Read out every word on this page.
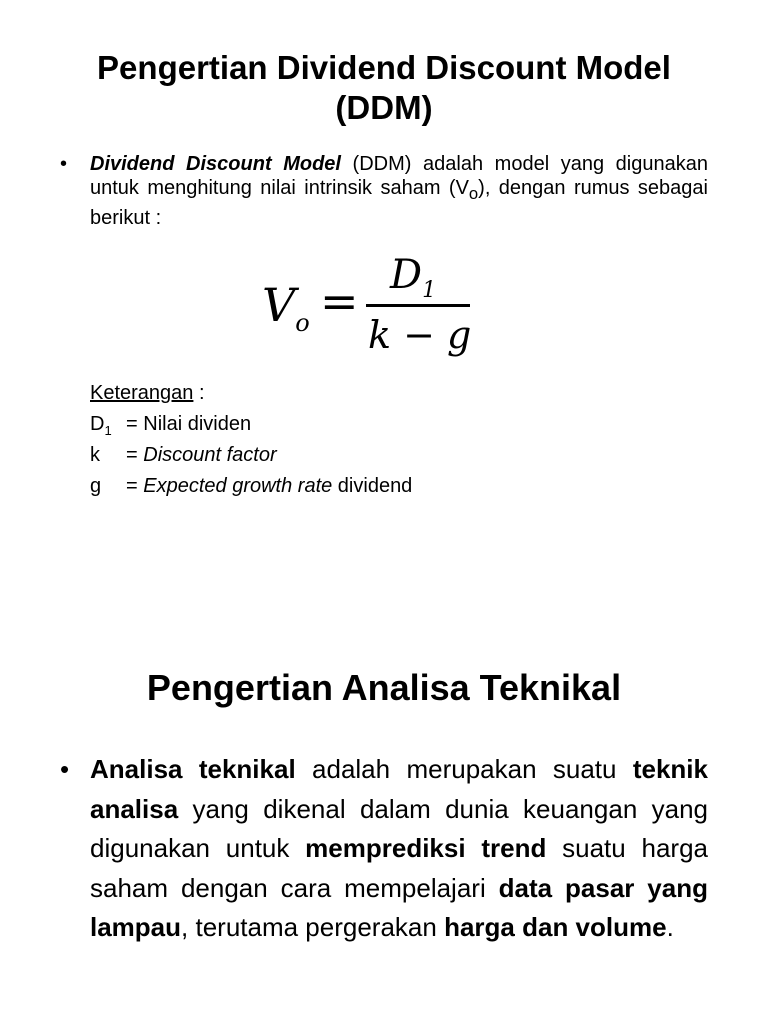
Pengertian Dividend Discount Model
(DDM)
• Dividend Discount Model (DDM) adalah model yang digunakan untuk menghitung nilai intrinsik saham $(V_o)$, dengan rumus sebagai berikut :
$V_o = D_1$
k − g
Keterangan :
$D_1$ = Nilai dividen
k	= Discount factor
g	= Expected growth rate dividend
Pengertian Analisa Teknikal
• Analisa teknikal adalah merupakan suatu teknik analisa yang dikenal dalam dunia keuangan yang digunakan untuk memprediksi trend suatu harga saham dengan cara mempelajari data pasar yang lampau, terutama pergerakan harga dan volume.
